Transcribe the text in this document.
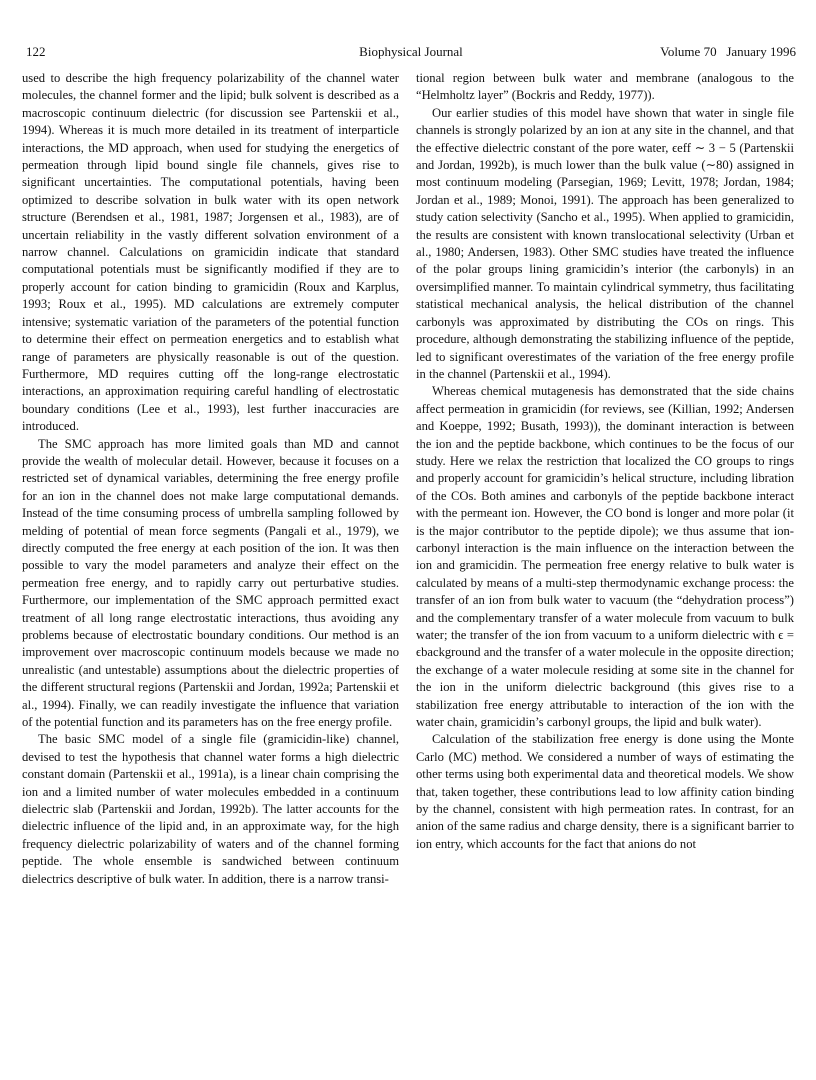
122	Biophysical Journal	Volume 70   January 1996

used to describe the high frequency polarizability of the channel water molecules, the channel former and the lipid; bulk solvent is described as a macroscopic continuum dielectric (for discussion see Partenskii et al., 1994). Whereas it is much more detailed in its treatment of interparticle interactions, the MD approach, when used for studying the energetics of permeation through lipid bound single file channels, gives rise to significant uncertainties. The computational potentials, having been optimized to describe solvation in bulk water with its open network structure (Berendsen et al., 1981, 1987; Jorgensen et al., 1983), are of uncertain reliability in the vastly different solvation environment of a narrow channel. Calculations on gramicidin indicate that standard computational potentials must be significantly modified if they are to properly account for cation binding to gramicidin (Roux and Karplus, 1993; Roux et al., 1995). MD calculations are extremely computer intensive; systematic variation of the parameters of the potential function to determine their effect on permeation energetics and to establish what range of parameters are physically reasonable is out of the question. Furthermore, MD requires cutting off the long-range electrostatic interactions, an approximation requiring careful handling of electrostatic boundary conditions (Lee et al., 1993), lest further inaccuracies are introduced.

The SMC approach has more limited goals than MD and cannot provide the wealth of molecular detail. However, because it focuses on a restricted set of dynamical variables, determining the free energy profile for an ion in the channel does not make large computational demands. Instead of the time consuming process of umbrella sampling followed by melding of potential of mean force segments (Pangali et al., 1979), we directly computed the free energy at each position of the ion. It was then possible to vary the model parameters and analyze their effect on the permeation free energy, and to rapidly carry out perturbative studies. Furthermore, our implementation of the SMC approach permitted exact treatment of all long range electrostatic interactions, thus avoiding any problems because of electrostatic boundary conditions. Our method is an improvement over macroscopic continuum models because we made no unrealistic (and untestable) assumptions about the dielectric properties of the different structural regions (Partenskii and Jordan, 1992a; Partenskii et al., 1994). Finally, we can readily investigate the influence that variation of the potential function and its parameters has on the free energy profile.

The basic SMC model of a single file (gramicidin-like) channel, devised to test the hypothesis that channel water forms a high dielectric constant domain (Partenskii et al., 1991a), is a linear chain comprising the ion and a limited number of water molecules embedded in a continuum dielectric slab (Partenskii and Jordan, 1992b). The latter accounts for the dielectric influence of the lipid and, in an approximate way, for the high frequency dielectric polarizability of waters and of the channel forming peptide. The whole ensemble is sandwiched between continuum dielectrics descriptive of bulk water. In addition, there is a narrow transi-

tional region between bulk water and membrane (analogous to the “Helmholtz layer” (Bockris and Reddy, 1977)).

Our earlier studies of this model have shown that water in single file channels is strongly polarized by an ion at any site in the channel, and that the effective dielectric constant of the pore water, ϵeff ∼ 3 − 5 (Partenskii and Jordan, 1992b), is much lower than the bulk value (∼80) assigned in most continuum modeling (Parsegian, 1969; Levitt, 1978; Jordan, 1984; Jordan et al., 1989; Monoi, 1991). The approach has been generalized to study cation selectivity (Sancho et al., 1995). When applied to gramicidin, the results are consistent with known translocational selectivity (Urban et al., 1980; Andersen, 1983). Other SMC studies have treated the influence of the polar groups lining gramicidin’s interior (the carbonyls) in an oversimplified manner. To maintain cylindrical symmetry, thus facilitating statistical mechanical analysis, the helical distribution of the channel carbonyls was approximated by distributing the COs on rings. This procedure, although demonstrating the stabilizing influence of the peptide, led to significant overestimates of the variation of the free energy profile in the channel (Partenskii et al., 1994).

Whereas chemical mutagenesis has demonstrated that the side chains affect permeation in gramicidin (for reviews, see (Killian, 1992; Andersen and Koeppe, 1992; Busath, 1993)), the dominant interaction is between the ion and the peptide backbone, which continues to be the focus of our study. Here we relax the restriction that localized the CO groups to rings and properly account for gramicidin’s helical structure, including libration of the COs. Both amines and carbonyls of the peptide backbone interact with the permeant ion. However, the CO bond is longer and more polar (it is the major contributor to the peptide dipole); we thus assume that ion-carbonyl interaction is the main influence on the interaction between the ion and gramicidin. The permeation free energy relative to bulk water is calculated by means of a multi-step thermodynamic exchange process: the transfer of an ion from bulk water to vacuum (the “dehydration process”) and the complementary transfer of a water molecule from vacuum to bulk water; the transfer of the ion from vacuum to a uniform dielectric with ϵ = ϵbackground and the transfer of a water molecule in the opposite direction; the exchange of a water molecule residing at some site in the channel for the ion in the uniform dielectric background (this gives rise to a stabilization free energy attributable to interaction of the ion with the water chain, gramicidin’s carbonyl groups, the lipid and bulk water).

Calculation of the stabilization free energy is done using the Monte Carlo (MC) method. We considered a number of ways of estimating the other terms using both experimental data and theoretical models. We show that, taken together, these contributions lead to low affinity cation binding by the channel, consistent with high permeation rates. In contrast, for an anion of the same radius and charge density, there is a significant barrier to ion entry, which accounts for the fact that anions do not
